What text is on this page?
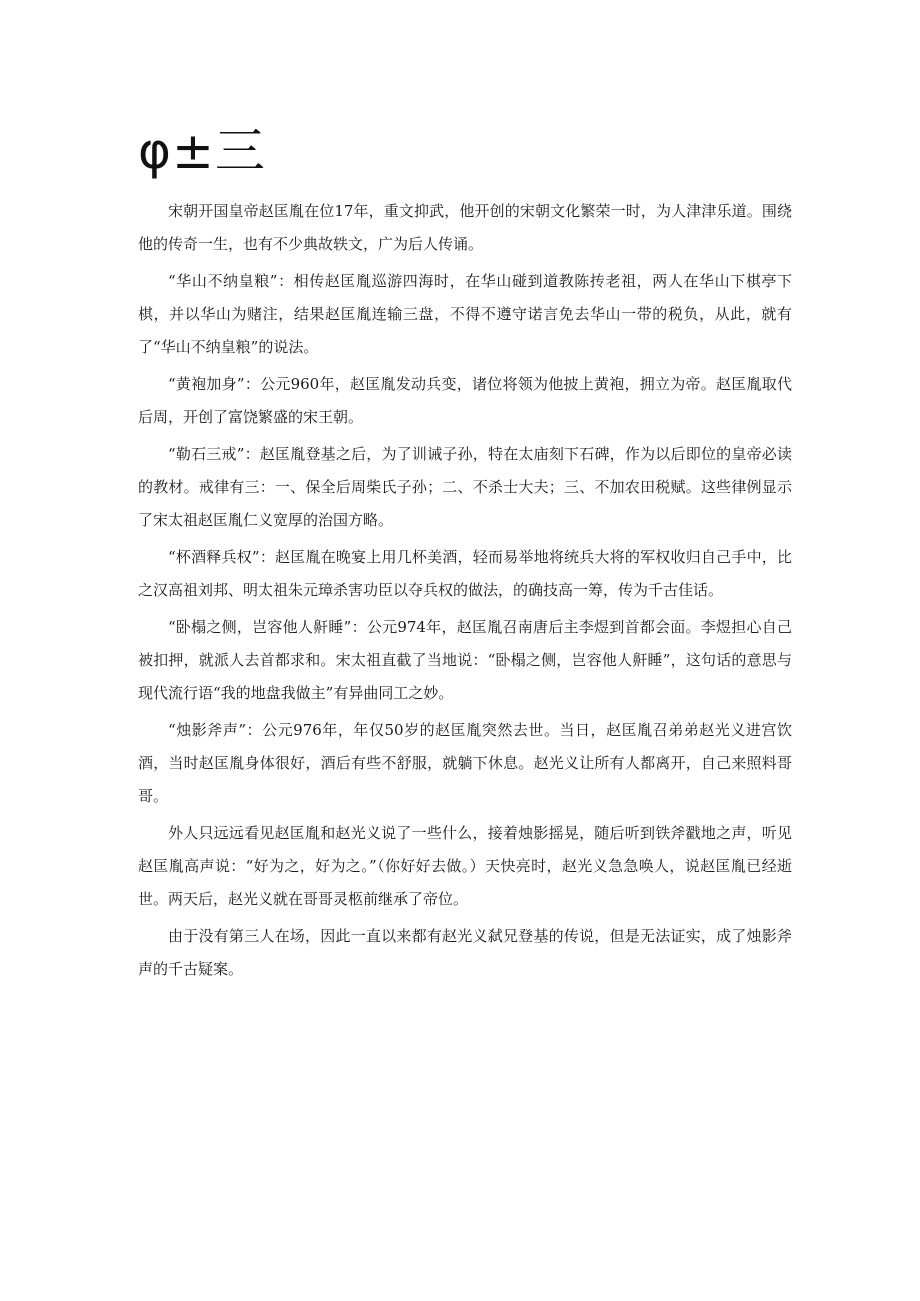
φ±三

宋朝开国皇帝赵匡胤在位17年，重文抑武，他开创的宋朝文化繁荣一时，为人津津乐道。围绕他的传奇一生，也有不少典故轶文，广为后人传诵。

“华山不纳皇粮”：相传赵匡胤巡游四海时，在华山碰到道教陈抟老祖，两人在华山下棋亭下棋，并以华山为赌注，结果赵匡胤连输三盘，不得不遵守诺言免去华山一带的税负，从此，就有了“华山不纳皇粮”的说法。

“黄袍加身”：公元960年，赵匡胤发动兵变，诸位将领为他披上黄袍，拥立为帝。赵匡胤取代后周，开创了富饶繁盛的宋王朝。

“勒石三戒”：赵匡胤登基之后，为了训诫子孙，特在太庙刻下石碑，作为以后即位的皇帝必读的教材。戒律有三：一、保全后周柴氏子孙；二、不杀士大夫；三、不加农田税赋。这些律例显示了宋太祖赵匡胤仁义宽厚的治国方略。

“杯酒释兵权”：赵匡胤在晚宴上用几杯美酒，轻而易举地将统兵大将的军权收归自己手中，比之汉高祖刘邦、明太祖朱元璋杀害功臣以夺兵权的做法，的确技高一筹，传为千古佳话。

“卧榻之侧，岂容他人鼾睡”：公元974年，赵匡胤召南唐后主李煜到首都会面。李煜担心自己被扣押，就派人去首都求和。宋太祖直截了当地说：“卧榻之侧，岂容他人鼾睡”，这句话的意思与现代流行语“我的地盘我做主”有异曲同工之妙。

“烛影斧声”：公元976年，年仅50岁的赵匡胤突然去世。当日，赵匡胤召弟弟赵光义进宫饮酒，当时赵匡胤身体很好，酒后有些不舒服，就躺下休息。赵光义让所有人都离开，自己来照料哥哥。

外人只远远看见赵匡胤和赵光义说了一些什么，接着烛影摇晃，随后听到铁斧戳地之声，听见赵匡胤高声说：“好为之，好为之。”（你好好去做。）天快亮时，赵光义急急唤人，说赵匡胤已经逝世。两天后，赵光义就在哥哥灵柩前继承了帝位。

由于没有第三人在场，因此一直以来都有赵光义弑兄登基的传说，但是无法证实，成了烛影斧声的千古疑案。
